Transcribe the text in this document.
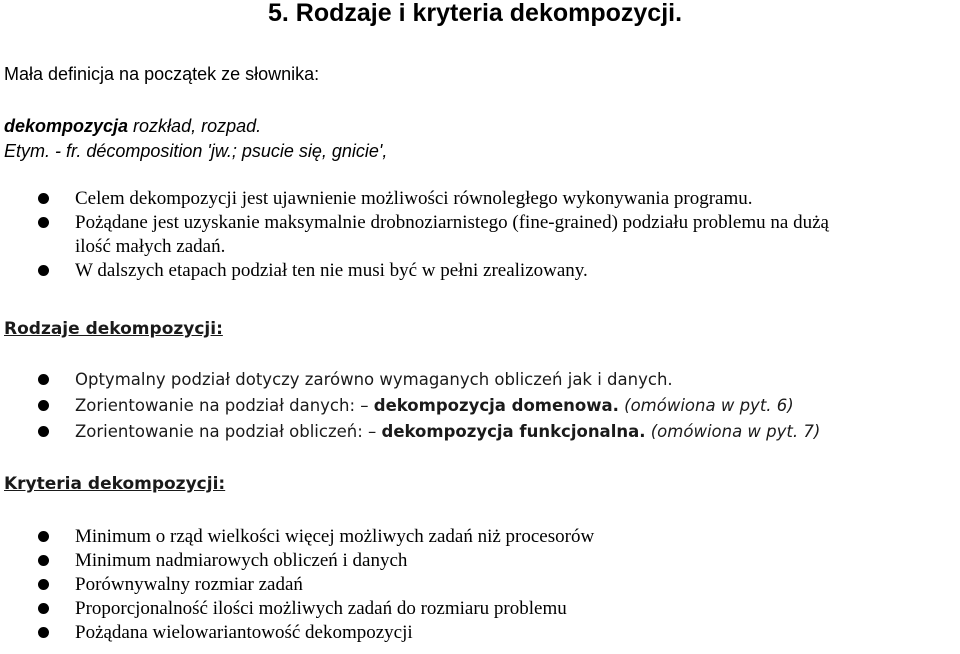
5. Rodzaje i kryteria dekompozycji.

Mała definicja na początek ze słownika:

dekompozycja rozkład, rozpad.

Etym. - fr. décomposition 'jw.; psucie się, gnicie',

Celem dekompozycji jest ujawnienie możliwości równoległego wykonywania programu.
Pożądane jest uzyskanie maksymalnie drobnoziarnistego (fine-grained) podziału problemu na dużą
ilość małych zadań.
W dalszych etapach podział ten nie musi być w pełni zrealizowany.
Rodzaje dekompozycji:
Optymalny podział dotyczy zarówno wymaganych obliczeń jak i danych.
Zorientowanie na podział danych: – dekompozycja domenowa. (omówiona w pyt. 6)
Zorientowanie na podział obliczeń: – dekompozycja funkcjonalna. (omówiona w pyt. 7)
Kryteria dekompozycji:
Minimum o rząd wielkości więcej możliwych zadań niż procesorów
Minimum nadmiarowych obliczeń i danych
Porównywalny rozmiar zadań
Proporcjonalność ilości możliwych zadań do rozmiaru problemu
Pożądana wielowariantowość dekompozycji
